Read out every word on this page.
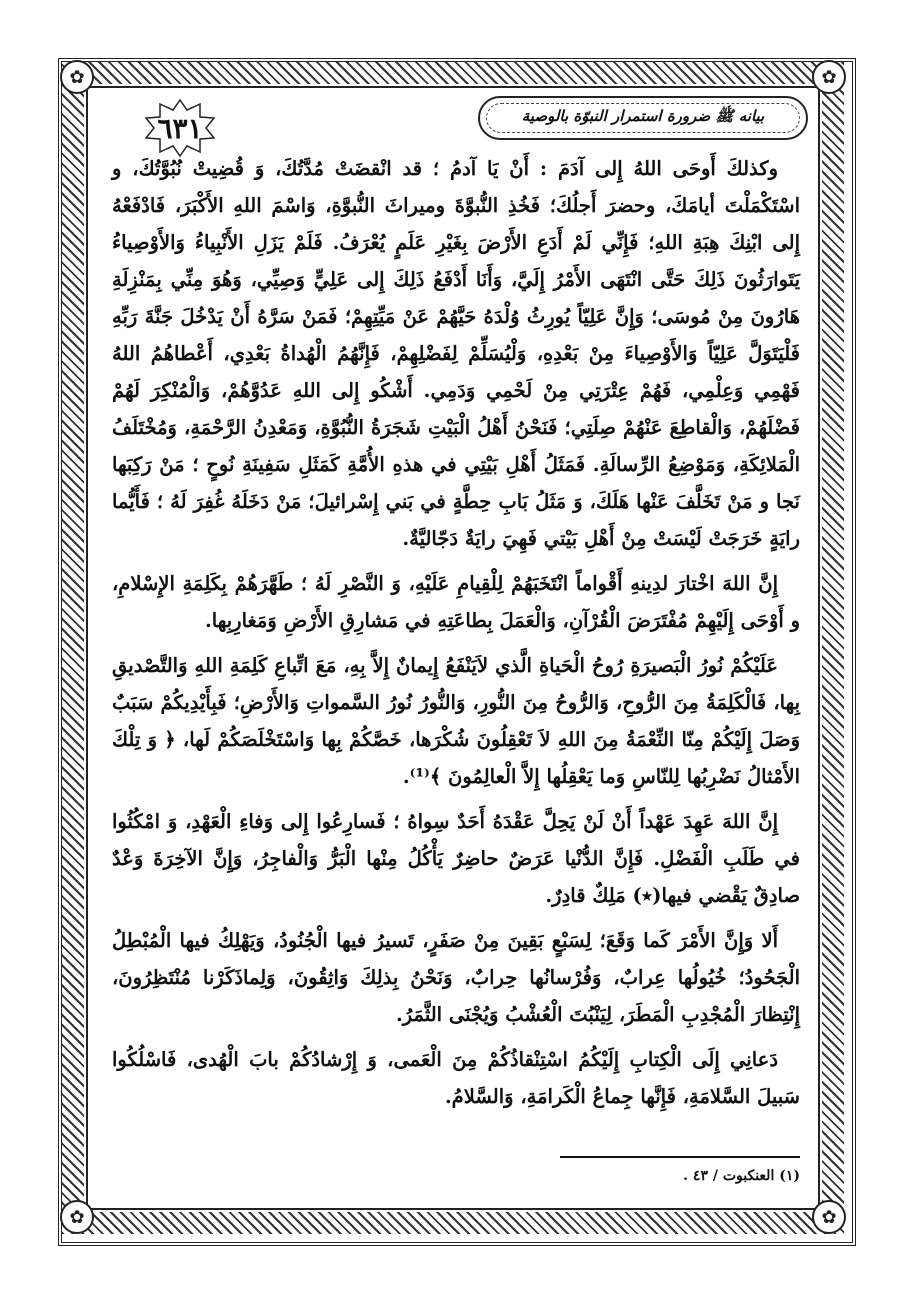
✿	✿
✿	✿
بيانه ﷺ ضرورة استمرار النبوّة بالوصية
٦٣١

وكذلكَ أَوحَى اللهُ إِلى آدَمَ : أَنْ يَا آدمُ ؛ قد انْقضَتْ مُدَّتُكَ، وَ قُضِيتْ نُبُوَّتُكَ، و اسْتَكْمَلْتَ أيامَكَ، وحضرَ أَجلُكَ؛ فَخُذِ النُّبوَّةَ وميراثَ النُّبوَّةِ، وَاسْمَ اللهِ الأَكْبَرَ، فَادْفَعْهُ إِلى ابْنِكَ هِبَةِ اللهِ؛ فَإِنِّي لَمْ أَدَعِ الأَرْضَ بِغَيْرِ عَلَمٍ يُعْرَفُ. فَلَمْ يَزَلِ الأَنْبِياءُ وَالأَوْصِياءُ يَتَوارَثُونَ ذَلِكَ حَتَّى انْتَهَى الأَمْرُ إِلَيَّ، وَأَنَا أَدْفَعُ ذَلِكَ إِلى عَلِيٍّ وَصِيِّي، وَهُوَ مِنِّي بِمَنْزِلَةِ هَارُونَ مِنْ مُوسَى؛ وَإِنَّ عَلِيّاً يُورِثُ وُلْدَهُ حَيَّهُمْ عَنْ مَيِّتِهِمْ؛ فَمَنْ سَرَّهُ أَنْ يَدْخُلَ جَنَّةَ رَبِّهِ فَلْيَتَوَلَّ عَلِيّاً وَالأَوْصِياءَ مِنْ بَعْدِهِ، وَلْيُسَلِّمْ لِفَضْلِهِمْ، فَإِنَّهُمُ الْهُداةُ بَعْدِي، أَعْطاهُمُ اللهُ فَهْمِي وَعِلْمِي، فَهُمْ عِتْرَتِي مِنْ لَحْمِي وَدَمِي. أَشْكُو إِلى اللهِ عَدُوَّهُمْ، وَالْمُنْكِرَ لَهُمْ فَضْلَهُمْ، وَالْقاطِعَ عَنْهُمْ صِلَتِي؛ فَنَحْنُ أَهْلُ الْبَيْتِ شَجَرَةُ النُّبُوَّةِ، وَمَعْدِنُ الرَّحْمَةِ، وَمُخْتَلَفُ الْمَلائِكَةِ، وَمَوْضِعُ الرِّسالَةِ. فَمَثَلُ أَهْلِ بَيْتِي في هذهِ الأُمَّةِ كَمَثَلِ سَفِينَةِ نُوحٍ ؛ مَنْ رَكِبَها نَجا و مَنْ تَخَلَّفَ عَنْها هَلَكَ، وَ مَثَلُ بَابِ حِطَّةٍ في بَني إِسْرائيلَ؛ مَنْ دَخَلَهُ غُفِرَ لَهُ ؛ فَأَيُّما رايَةٍ خَرَجَتْ لَيْسَتْ مِنْ أَهْلِ بَيْتي فَهِيَ رايَةٌ دَجّاليَّةٌ.

إِنَّ اللهَ اخْتارَ لدِينهِ أَقْواماً انْتَخَبَهُمْ لِلْقِيامِ عَلَيْهِ، وَ النَّصْرِ لَهُ ؛ طَهَّرَهُمْ بِكَلِمَةِ الإِسْلامِ، و أَوْحَى إِلَيْهِمْ مُفْتَرَضَ الْقُرْآنِ، وَالْعَمَلَ بِطاعَتِهِ في مَشارِقِ الأَرْضِ وَمَغارِبِها.

عَلَيْكُمْ نُورُ الْبَصيرَةِ رُوحُ الْحَياةِ الَّذي لاَيَنْفَعُ إِيمانٌ إِلاَّ بِهِ، مَعَ اتِّباعِ كَلِمَةِ اللهِ وَالتَّصْديقِ بِها، فَالْكَلِمَةُ مِنَ الرُّوحِ، وَالرُّوحُ مِنَ النُّورِ، وَالنُّورُ نُورُ السَّمواتِ وَالأَرْضِ؛ فَبِأَيْدِيكُمْ سَبَبٌ وَصَلَ إِلَيْكُمْ مِنّا النِّعْمَةُ مِنَ اللهِ لاَ تَعْقِلُونَ شُكْرَها، خَصَّكُمْ بِها وَاسْتَخْلَصَكُمْ لَها، ﴿ وَ تِلْكَ الأَمْثالُ نَضْرِبُها لِلنّاسِ وَما يَعْقِلُها إِلاَّ الْعالِمُونَ ﴾⁽¹⁾.

إِنَّ اللهَ عَهِدَ عَهْداً أَنْ لَنْ يَحِلَّ عَقْدَهُ أَحَدٌ سِواهُ ؛ فَسارِعُوا إِلى وَفاءِ الْعَهْدِ، وَ امْكُثُوا في طَلَبِ الْفَضْلِ. فَإِنَّ الدُّنْيا عَرَضٌ حاضِرٌ يَأْكُلُ مِنْها الْبَرُّ وَالْفاجِرُ، وَإِنَّ الآخِرَةَ وَعْدٌ صادِقٌ يَقْضي فيها(٭) مَلِكٌ قادِرٌ.

أَلا وَإِنَّ الأَمْرَ كَما وَقَعَ؛ لِسَبْعٍ بَقِينَ مِنْ صَفَرٍ، تَسيرُ فيها الْجُنُودُ، وَيَهْلِكُ فيها الْمُبْطِلُ الْجَحُودُ؛ خُيُولُها عِرابٌ، وَفُرْسانُها حِرابٌ، وَنَحْنُ بِذلِكَ وَاثِقُونَ، وَلِماذَكَرْنا مُنْتَظِرُونَ، إِنْتِظارَ الْمُجْدِبِ الْمَطَرَ، لِيَنْبُتَ الْعُشْبُ وَيُجْنَى الثَّمَرُ.

دَعانِي إِلَى الْكِتابِ إِلَيْكُمُ اسْتِنْقاذُكُمْ مِنَ الْعَمى، وَ إِرْشادُكُمْ بابَ الْهُدى، فَاسْلُكُوا سَبيلَ السَّلامَةِ، فَإِنَّها جِماعُ الْكَرامَةِ، وَالسَّلامُ.

(١) العنكبوت / ٤٣ .
